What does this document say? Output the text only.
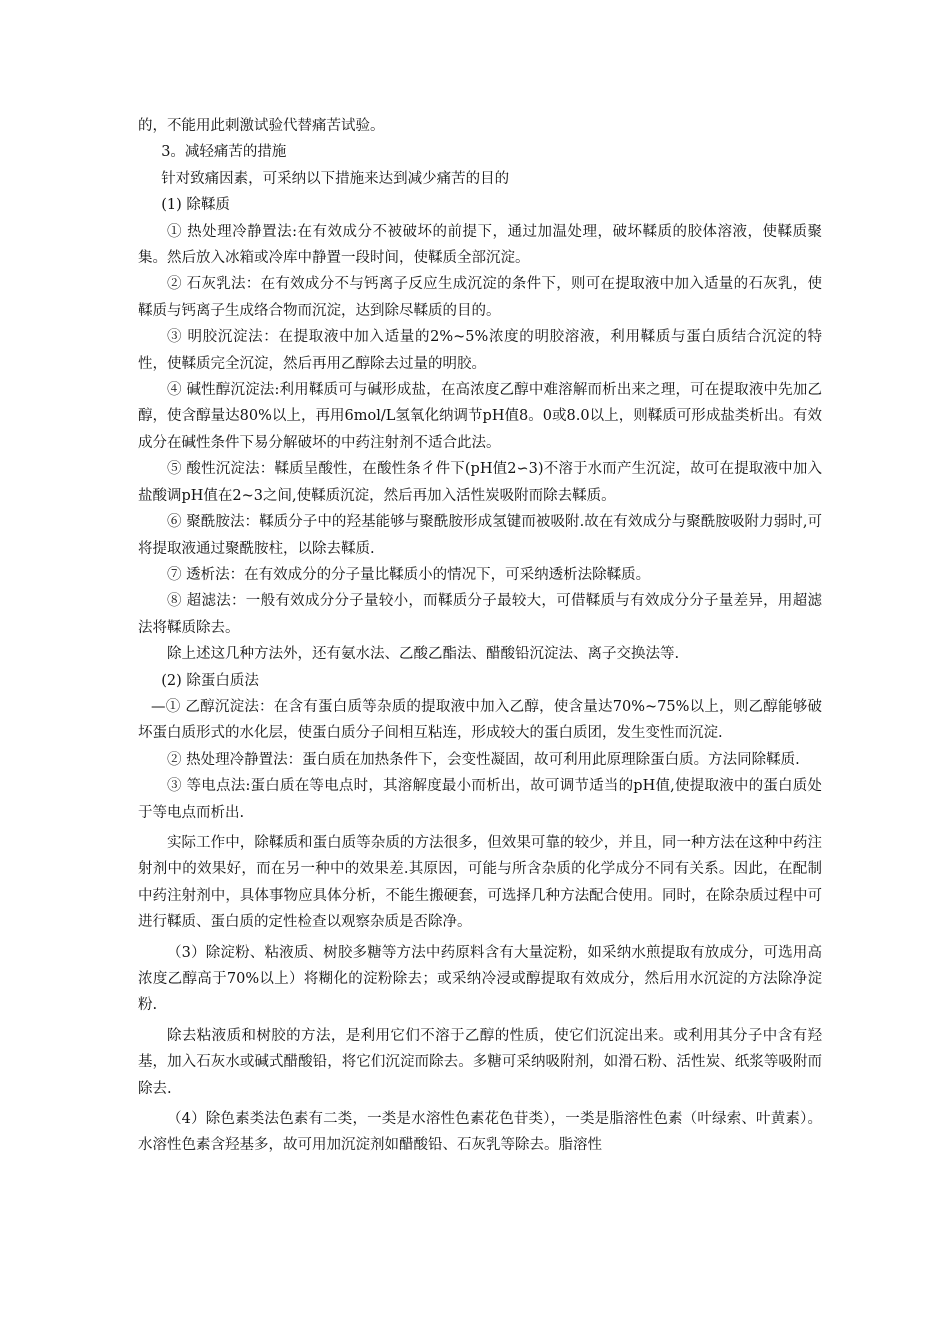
的，不能用此刺激试验代替痛苦试验。

3。减轻痛苦的措施

针对致痛因素，可采纳以下措施来达到减少痛苦的目的

(1) 除鞣质

① 热处理冷静置法:在有效成分不被破坏的前提下，通过加温处理，破坏鞣质的胶体溶液，使鞣质聚集。然后放入冰箱或冷库中静置一段时间，使鞣质全部沉淀。

② 石灰乳法：在有效成分不与钙离子反应生成沉淀的条件下，则可在提取液中加入适量的石灰乳，使鞣质与钙离子生成络合物而沉淀，达到除尽鞣质的目的。

③ 明胶沉淀法：在提取液中加入适量的2%~5%浓度的明胶溶液，利用鞣质与蛋白质结合沉淀的特性，使鞣质完全沉淀，然后再用乙醇除去过量的明胶。

④ 碱性醇沉淀法:利用鞣质可与碱形成盐，在高浓度乙醇中难溶解而析出来之理，可在提取液中先加乙醇，使含醇量达80%以上，再用6mol/L氢氧化纳调节pH值8。0或8.0以上，则鞣质可形成盐类析出。有效成分在碱性条件下易分解破坏的中药注射剂不适合此法。

⑤ 酸性沉淀法：鞣质呈酸性，在酸性条彳件下(pH值2∽3)不溶于水而产生沉淀，故可在提取液中加入盐酸调pH值在2~3之间,使鞣质沉淀，然后再加入活性炭吸附而除去鞣质。

⑥ 聚酰胺法：鞣质分子中的羟基能够与聚酰胺形成氢键而被吸附.故在有效成分与聚酰胺吸附力弱时,可将提取液通过聚酰胺柱，以除去鞣质.

⑦ 透析法：在有效成分的分子量比鞣质小的情况下，可采纳透析法除鞣质。

⑧ 超滤法：一般有效成分分子量较小，而鞣质分子最较大，可借鞣质与有效成分分子量差异，用超滤法将鞣质除去。

除上述这几种方法外，还有氨水法、乙酸乙酯法、醋酸铅沉淀法、离子交换法等.

(2) 除蛋白质法

—① 乙醇沉淀法：在含有蛋白质等杂质的提取液中加入乙醇，使含量达70%~75%以上，则乙醇能够破坏蛋白质形式的水化层，使蛋白质分子间相互粘连，形成较大的蛋白质团，发生变性而沉淀.

② 热处理冷静置法：蛋白质在加热条件下，会变性凝固，故可利用此原理除蛋白质。方法同除鞣质.

③ 等电点法:蛋白质在等电点时，其溶解度最小而析出，故可调节适当的pH值,使提取液中的蛋白质处于等电点而析出.

实际工作中，除鞣质和蛋白质等杂质的方法很多，但效果可靠的较少，并且，同一种方法在这种中药注射剂中的效果好，而在另一种中的效果差.其原因，可能与所含杂质的化学成分不同有关系。因此，在配制中药注射剂中，具体事物应具体分析，不能生搬硬套，可选择几种方法配合使用。同时，在除杂质过程中可进行鞣质、蛋白质的定性检查以观察杂质是否除净。

（3）除淀粉、粘液质、树胶多糖等方法中药原料含有大量淀粉，如采纳水煎提取有放成分，可选用高浓度乙醇高于70%以上）将糊化的淀粉除去；或采纳冷浸或醇提取有效成分，然后用水沉淀的方法除净淀粉.

除去粘液质和树胶的方法，是利用它们不溶于乙醇的性质，使它们沉淀出来。或利用其分子中含有羟基，加入石灰水或碱式醋酸铅，将它们沉淀而除去。多糖可采纳吸附剂，如滑石粉、活性炭、纸浆等吸附而除去.

（4）除色素类法色素有二类，一类是水溶性色素花色苷类），一类是脂溶性色素（叶绿索、叶黄素）。水溶性色素含羟基多，故可用加沉淀剂如醋酸铅、石灰乳等除去。脂溶性
